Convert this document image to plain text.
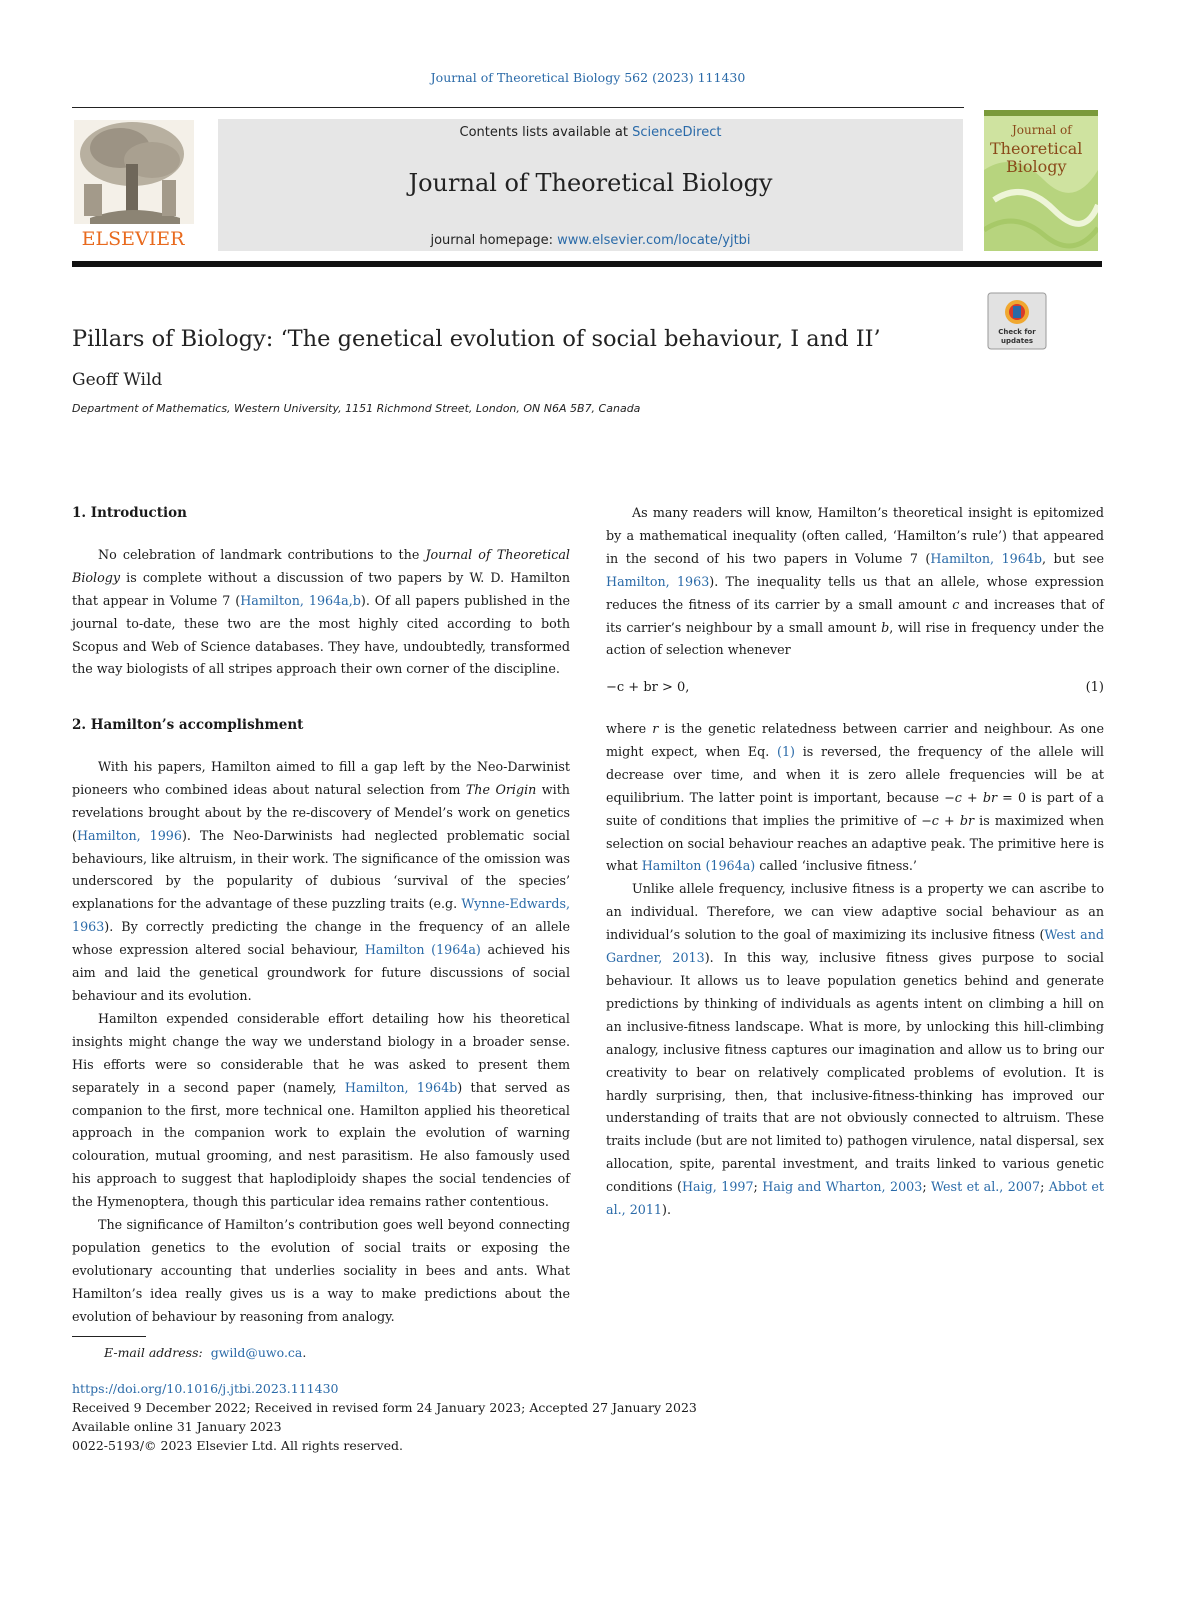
Journal of Theoretical Biology 562 (2023) 111430
ELSEVIER
Contents lists available at ScienceDirect
Journal of Theoretical Biology
journal homepage: www.elsevier.com/locate/yjtbi
Journal of
Theoretical
Biology
Pillars of Biology: ‘The genetical evolution of social behaviour, I and II’	Check for
updates
Geoff Wild
Department of Mathematics, Western University, 1151 Richmond Street, London, ON N6A 5B7, Canada
1. Introduction

No celebration of landmark contributions to the Journal of Theoretical Biology is complete without a discussion of two papers by W. D. Hamilton that appear in Volume 7 (Hamilton, 1964a,b). Of all papers published in the journal to-date, these two are the most highly cited according to both Scopus and Web of Science databases. They have, undoubtedly, transformed the way biologists of all stripes approach their own corner of the discipline.

2. Hamilton’s accomplishment

With his papers, Hamilton aimed to fill a gap left by the Neo-Darwinist pioneers who combined ideas about natural selection from The Origin with revelations brought about by the re-discovery of Mendel’s work on genetics (Hamilton, 1996). The Neo-Darwinists had neglected problematic social behaviours, like altruism, in their work. The significance of the omission was underscored by the popularity of dubious ‘survival of the species’ explanations for the advantage of these puzzling traits (e.g. Wynne-Edwards, 1963). By correctly predicting the change in the frequency of an allele whose expression altered social behaviour, Hamilton (1964a) achieved his aim and laid the genetical groundwork for future discussions of social behaviour and its evolution.

Hamilton expended considerable effort detailing how his theoretical insights might change the way we understand biology in a broader sense. His efforts were so considerable that he was asked to present them separately in a second paper (namely, Hamilton, 1964b) that served as companion to the first, more technical one. Hamilton applied his theoretical approach in the companion work to explain the evolution of warning colouration, mutual grooming, and nest parasitism. He also famously used his approach to suggest that haplodiploidy shapes the social tendencies of the Hymenoptera, though this particular idea remains rather contentious.

The significance of Hamilton’s contribution goes well beyond connecting population genetics to the evolution of social traits or exposing the evolutionary accounting that underlies sociality in bees and ants. What Hamilton’s idea really gives us is a way to make predictions about the evolution of behaviour by reasoning from analogy.

As many readers will know, Hamilton’s theoretical insight is epitomized by a mathematical inequality (often called, ‘Hamilton’s rule’) that appeared in the second of his two papers in Volume 7 (Hamilton, 1964b, but see Hamilton, 1963). The inequality tells us that an allele, whose expression reduces the fitness of its carrier by a small amount c and increases that of its carrier’s neighbour by a small amount b, will rise in frequency under the action of selection whenever

−c + br > 0,	(1)

where r is the genetic relatedness between carrier and neighbour. As one might expect, when Eq. (1) is reversed, the frequency of the allele will decrease over time, and when it is zero allele frequencies will be at equilibrium. The latter point is important, because −c + br = 0 is part of a suite of conditions that implies the primitive of −c + br is maximized when selection on social behaviour reaches an adaptive peak. The primitive here is what Hamilton (1964a) called ‘inclusive fitness.’

Unlike allele frequency, inclusive fitness is a property we can ascribe to an individual. Therefore, we can view adaptive social behaviour as an individual’s solution to the goal of maximizing its inclusive fitness (West and Gardner, 2013). In this way, inclusive fitness gives purpose to social behaviour. It allows us to leave population genetics behind and generate predictions by thinking of individuals as agents intent on climbing a hill on an inclusive-fitness landscape. What is more, by unlocking this hill-climbing analogy, inclusive fitness captures our imagination and allow us to bring our creativity to bear on relatively complicated problems of evolution. It is hardly surprising, then, that inclusive-fitness-thinking has improved our understanding of traits that are not obviously connected to altruism. These traits include (but are not limited to) pathogen virulence, natal dispersal, sex allocation, spite, parental investment, and traits linked to various genetic conditions (Haig, 1997; Haig and Wharton, 2003; West et al., 2007; Abbot et al., 2011).

E-mail address: gwild@uwo.ca.
https://doi.org/10.1016/j.jtbi.2023.111430
Received 9 December 2022; Received in revised form 24 January 2023; Accepted 27 January 2023
Available online 31 January 2023
0022-5193/© 2023 Elsevier Ltd. All rights reserved.
